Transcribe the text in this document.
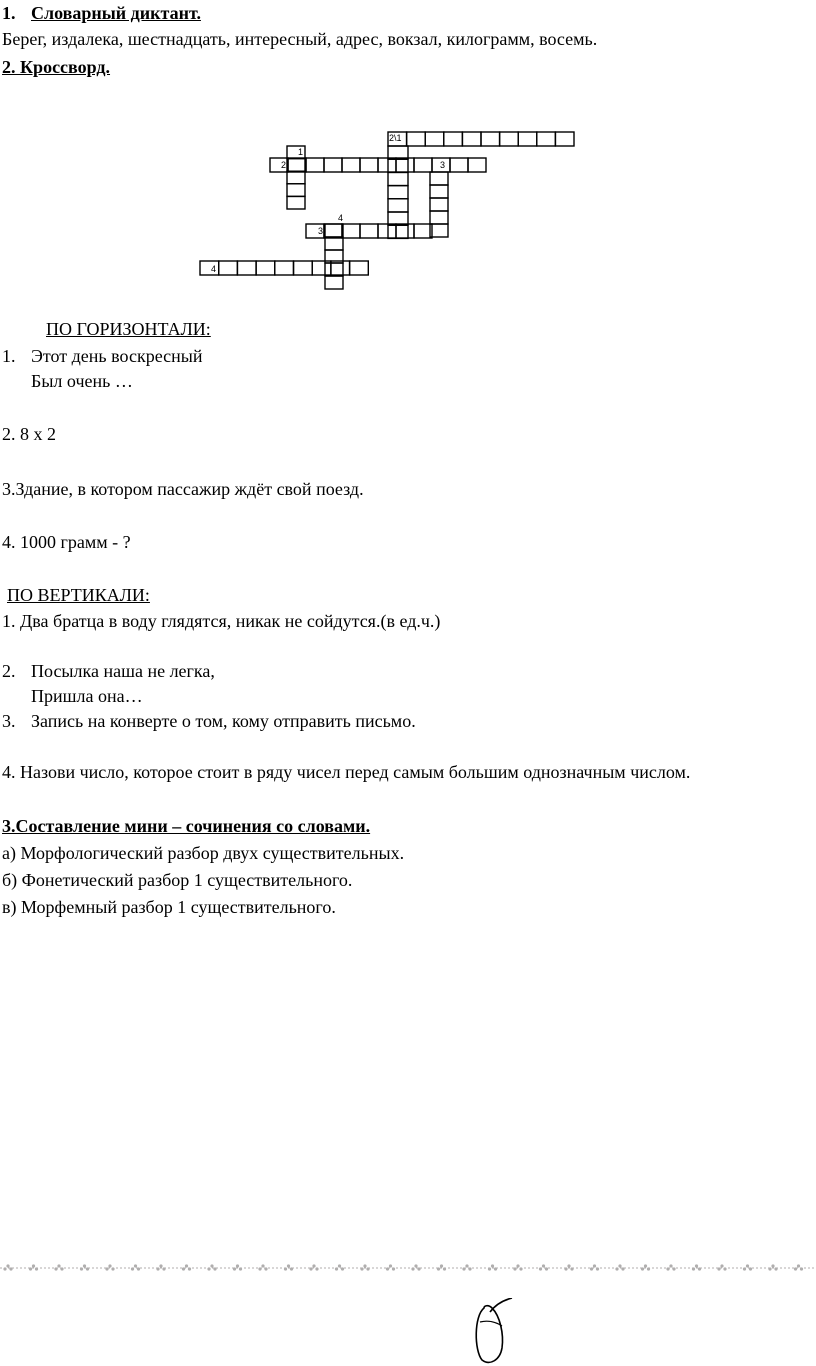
1. Словарный диктант.
Берег, издалека, шестнадцать, интересный, адрес, вокзал, килограмм, восемь.
2. Кроссворд.
2\1
1
2	3
4
3
4
ПО ГОРИЗОНТАЛИ:
1. Этот день воскресный
Был очень …
2. 8 х 2
3.Здание, в котором пассажир ждёт свой поезд.
4. 1000 грамм - ?
ПО ВЕРТИКАЛИ:
1. Два братца в воду глядятся, никак не сойдутся.(в ед.ч.)
2. Посылка наша не легка,
Пришла она…
3. Запись на конверте о том, кому отправить письмо.
4. Назови число, которое стоит в ряду чисел перед самым большим однозначным числом.
3.Составление мини – сочинения со словами.
а) Морфологический разбор двух существительных.
б) Фонетический разбор 1 существительного.
в) Морфемный разбор 1 существительного.
